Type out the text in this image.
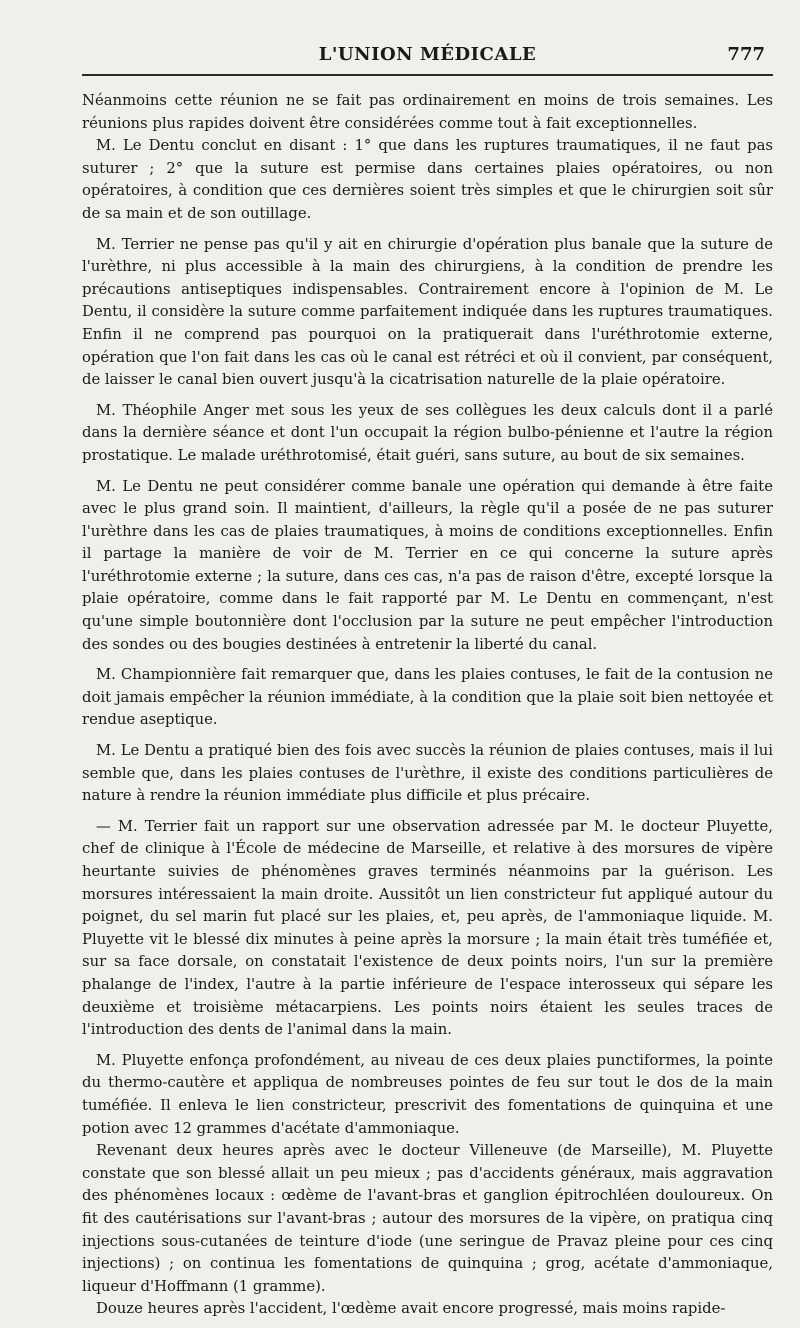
L'UNION MÉDICALE	777

Néanmoins cette réunion ne se fait pas ordinairement en moins de trois semaines. Les réunions plus rapides doivent être considérées comme tout à fait exceptionnelles.

M. Le Dentu conclut en disant : 1° que dans les ruptures traumatiques, il ne faut pas suturer ; 2° que la suture est permise dans certaines plaies opératoires, ou non opératoires, à condition que ces dernières soient très simples et que le chirurgien soit sûr de sa main et de son outillage.

M. Terrier ne pense pas qu'il y ait en chirurgie d'opération plus banale que la suture de l'urèthre, ni plus accessible à la main des chirurgiens, à la condition de prendre les précautions antiseptiques indispensables. Contrairement encore à l'opinion de M. Le Dentu, il considère la suture comme parfaitement indiquée dans les ruptures traumatiques. Enfin il ne comprend pas pourquoi on la pratiquerait dans l'uréthrotomie externe, opération que l'on fait dans les cas où le canal est rétréci et où il convient, par conséquent, de laisser le canal bien ouvert jusqu'à la cicatrisation naturelle de la plaie opératoire.

M. Théophile Anger met sous les yeux de ses collègues les deux calculs dont il a parlé dans la dernière séance et dont l'un occupait la région bulbo-pénienne et l'autre la région prostatique. Le malade uréthrotomisé, était guéri, sans suture, au bout de six semaines.

M. Le Dentu ne peut considérer comme banale une opération qui demande à être faite avec le plus grand soin. Il maintient, d'ailleurs, la règle qu'il a posée de ne pas suturer l'urèthre dans les cas de plaies traumatiques, à moins de conditions exceptionnelles. Enfin il partage la manière de voir de M. Terrier en ce qui concerne la suture après l'uréthrotomie externe ; la suture, dans ces cas, n'a pas de raison d'être, excepté lorsque la plaie opératoire, comme dans le fait rapporté par M. Le Dentu en commençant, n'est qu'une simple boutonnière dont l'occlusion par la suture ne peut empêcher l'introduction des sondes ou des bougies destinées à entretenir la liberté du canal.

M. Championnière fait remarquer que, dans les plaies contuses, le fait de la contusion ne doit jamais empêcher la réunion immédiate, à la condition que la plaie soit bien nettoyée et rendue aseptique.

M. Le Dentu a pratiqué bien des fois avec succès la réunion de plaies contuses, mais il lui semble que, dans les plaies contuses de l'urèthre, il existe des conditions particulières de nature à rendre la réunion immédiate plus difficile et plus précaire.

— M. Terrier fait un rapport sur une observation adressée par M. le docteur Pluyette, chef de clinique à l'École de médecine de Marseille, et relative à des morsures de vipère heurtante suivies de phénomènes graves terminés néanmoins par la guérison. Les morsures intéressaient la main droite. Aussitôt un lien constricteur fut appliqué autour du poignet, du sel marin fut placé sur les plaies, et, peu après, de l'ammoniaque liquide. M. Pluyette vit le blessé dix minutes à peine après la morsure ; la main était très tuméfiée et, sur sa face dorsale, on constatait l'existence de deux points noirs, l'un sur la première phalange de l'index, l'autre à la partie inférieure de l'espace interosseux qui sépare les deuxième et troisième métacarpiens. Les points noirs étaient les seules traces de l'introduction des dents de l'animal dans la main.

M. Pluyette enfonça profondément, au niveau de ces deux plaies punctiformes, la pointe du thermo-cautère et appliqua de nombreuses pointes de feu sur tout le dos de la main tuméfiée. Il enleva le lien constricteur, prescrivit des fomentations de quinquina et une potion avec 12 grammes d'acétate d'ammoniaque.

Revenant deux heures après avec le docteur Villeneuve (de Marseille), M. Pluyette constate que son blessé allait un peu mieux ; pas d'accidents généraux, mais aggravation des phénomènes locaux : œdème de l'avant-bras et ganglion épitrochléen douloureux. On fit des cautérisations sur l'avant-bras ; autour des morsures de la vipère, on pratiqua cinq injections sous-cutanées de teinture d'iode (une seringue de Pravaz pleine pour ces cinq injections) ; on continua les fomentations de quinquina ; grog, acétate d'ammoniaque, liqueur d'Hoffmann (1 gramme).

Douze heures après l'accident, l'œdème avait encore progressé, mais moins rapide-
